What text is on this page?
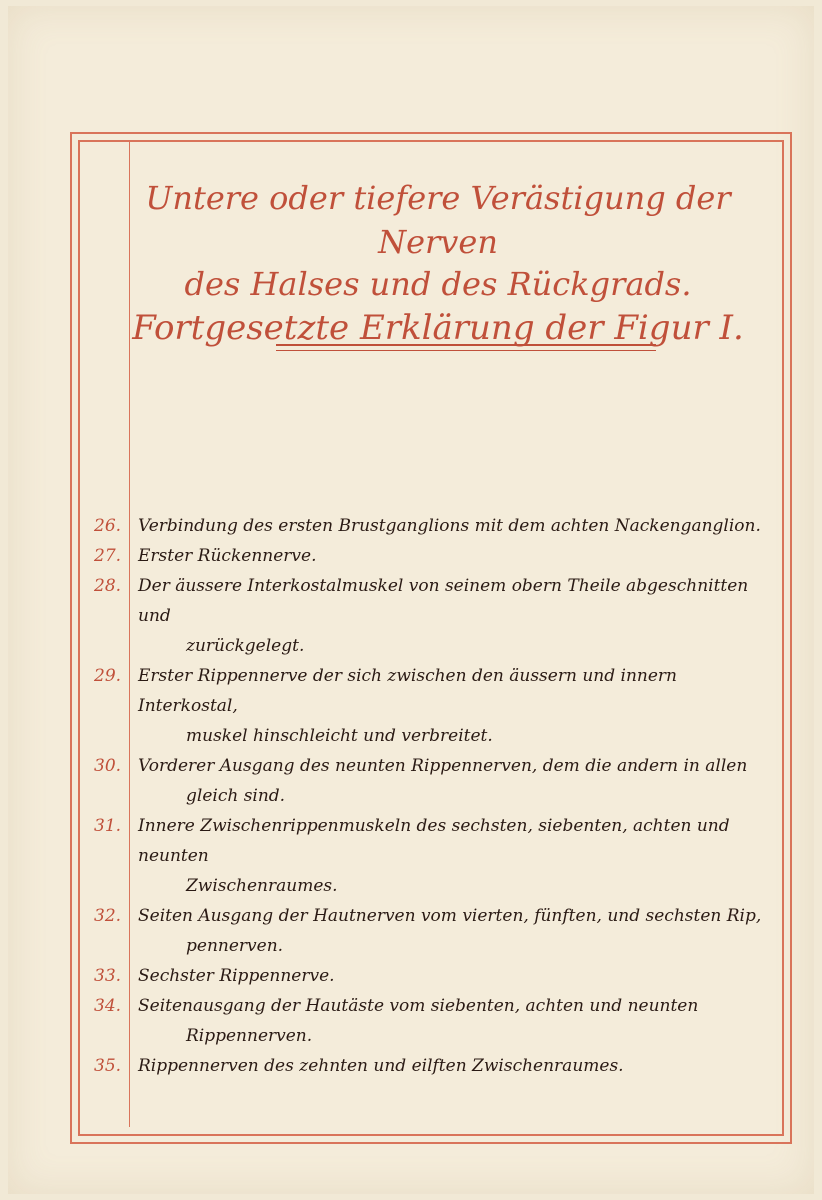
Untere oder tiefere Verästigung der Nerven
des Halses und des Rückgrads.
Fortgesetzte Erklärung der Figur I.
26. Verbindung des ersten Brustganglions mit dem achten Nackenganglion.
27. Erster Rückennerve.
28. Der äussere Interkostalmuskel von seinem obern Theile abgeschnitten und
zurückgelegt.
29. Erster Rippennerve der sich zwischen den äussern und innern Interkostal,
muskel hinschleicht und verbreitet.
30. Vorderer Ausgang des neunten Rippennerven, dem die andern in allen
gleich sind.
31. Innere Zwischenrippenmuskeln des sechsten, siebenten, achten und neunten
Zwischenraumes.
32. Seiten Ausgang der Hautnerven vom vierten, fünften, und sechsten Rip,
pennerven.
33. Sechster Rippennerve.
34. Seitenausgang der Hautäste vom siebenten, achten und neunten
Rippennerven.
35. Rippennerven des zehnten und eilften Zwischenraumes.
